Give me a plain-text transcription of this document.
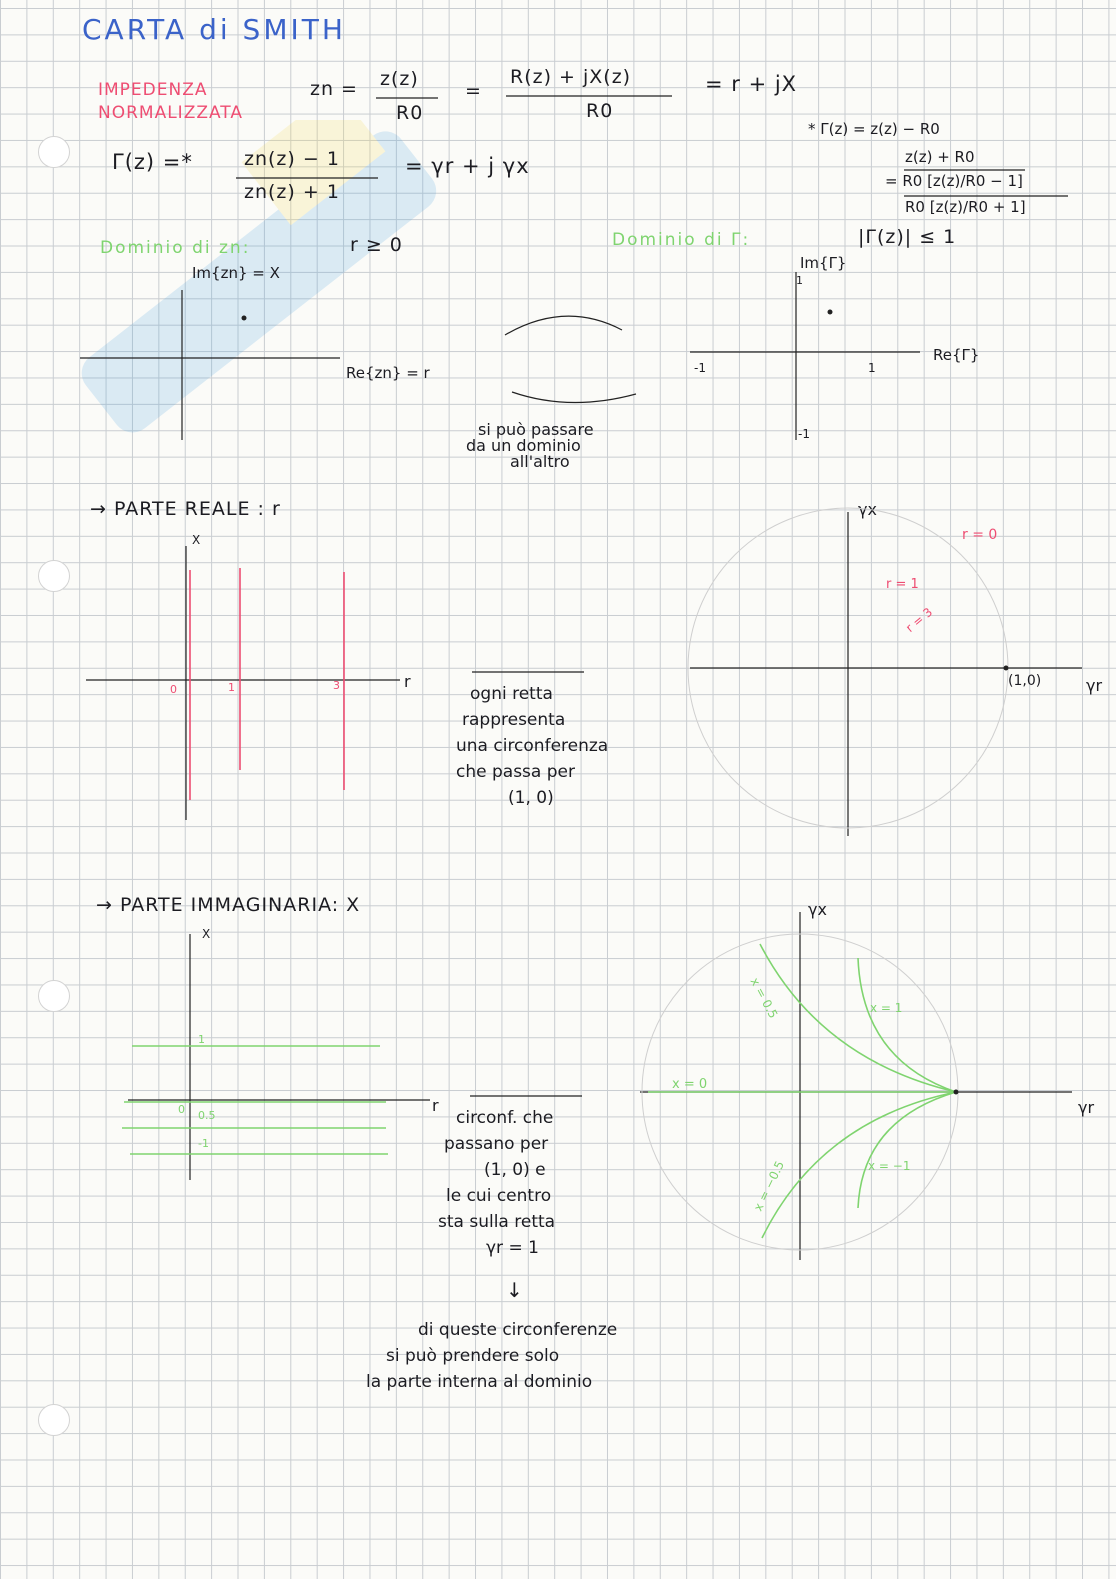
CARTA di SMITH
IMPEDENZA
NORMALIZZATA
zn = z(z)
R0
=
R(z) + jX(z)
R0
= r + jX
* Γ(z) = z(z) − R0
z(z) + R0
= R0 [z(z)/R0 − 1]
R0 [z(z)/R0 + 1]
Γ(z) =*	zn(z) − 1
zn(z) + 1
= γr + j γx
Dominio di zn:	r ≥ 0	Dominio di Γ:	|Γ(z)| ≤ 1
Im{zn} = X
Re{zn} = r
Im{Γ}
1
Re{Γ}
-1	1
-1
si può passare
da un dominio
all'altro
→ PARTE REALE : r
X
r
0	1	3	ogni retta
rappresenta
una circonferenza
che passa per
(1, 0)
γx
γr
(1,0)
r = 0
r = 1
r = 3
→ PARTE IMMAGINARIA: X
X
r
1
0 0.5
-1
circonf. che
passano per
(1, 0) e
le cui centro
sta sulla retta
γr = 1
↓
di queste circonferenze
si può prendere solo
la parte interna al dominio
γx
γr
x = 0.5	x = 1
x = 0
x = −1
x = −0.5
